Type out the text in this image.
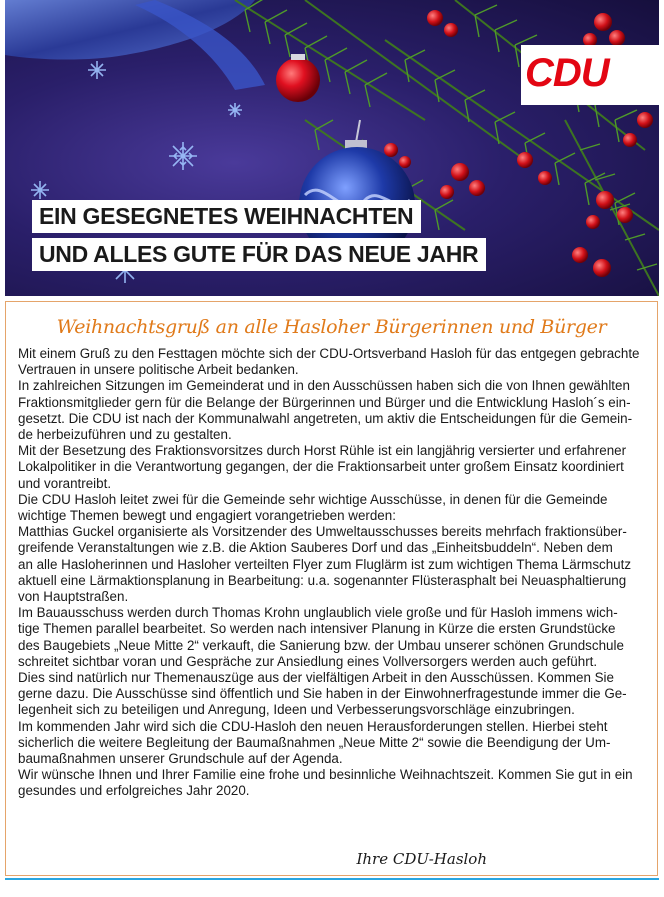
CDU
EIN GESEGNETES WEIHNACHTEN
UND ALLES GUTE FÜR DAS NEUE JAHR
Weihnachtsgruß an alle Hasloher Bürgerinnen und Bürger

Mit einem Gruß zu den Festtagen möchte sich der CDU-Ortsverband Hasloh für das entgegen gebrachte

Vertrauen in unsere politische Arbeit bedanken.

In zahlreichen Sitzungen im Gemeinderat und in den Ausschüssen haben sich die von Ihnen gewählten

Fraktionsmitglieder gern für die Belange der Bürgerinnen und Bürger und die Entwicklung Hasloh´s ein-

gesetzt. Die CDU ist nach der Kommunalwahl angetreten, um aktiv die Entscheidungen für die Gemein-

de herbeizuführen und zu gestalten.

Mit der Besetzung des Fraktionsvorsitzes durch Horst Rühle ist ein langjährig versierter und erfahrener

Lokalpolitiker in die Verantwortung gegangen, der die Fraktionsarbeit unter großem Einsatz koordiniert

und vorantreibt.

Die CDU Hasloh leitet zwei für die Gemeinde sehr wichtige Ausschüsse, in denen für die Gemeinde

wichtige Themen bewegt und engagiert vorangetrieben werden:

Matthias Guckel organisierte als Vorsitzender des Umweltausschusses bereits mehrfach fraktionsüber-

greifende Veranstaltungen wie z.B. die Aktion Sauberes Dorf und das „Einheitsbuddeln“. Neben dem

an alle Hasloherinnen und Hasloher verteilten Flyer zum Fluglärm ist zum wichtigen Thema Lärmschutz

aktuell eine Lärmaktionsplanung in Bearbeitung: u.a. sogenannter Flüsterasphalt bei Neuasphaltierung

von Hauptstraßen.

Im Bauausschuss werden durch Thomas Krohn unglaublich viele große und für Hasloh immens wich-

tige Themen parallel bearbeitet. So werden nach intensiver Planung in Kürze die ersten Grundstücke

des Baugebiets „Neue Mitte 2“ verkauft, die Sanierung bzw. der Umbau unserer schönen Grundschule

schreitet sichtbar voran und Gespräche zur Ansiedlung eines Vollversorgers werden auch geführt.

Dies sind natürlich nur Themenauszüge aus der vielfältigen Arbeit in den Ausschüssen. Kommen Sie

gerne dazu. Die Ausschüsse sind öffentlich und Sie haben in der Einwohnerfragestunde immer die Ge-

legenheit sich zu beteiligen und Anregung, Ideen und Verbesserungsvorschläge einzubringen.

Im kommenden Jahr wird sich die CDU-Hasloh den neuen Herausforderungen stellen. Hierbei steht

sicherlich die weitere Begleitung der Baumaßnahmen „Neue Mitte 2“ sowie die Beendigung der Um-

baumaßnahmen unserer Grundschule auf der Agenda.

Wir wünsche Ihnen und Ihrer Familie eine frohe und besinnliche Weihnachtszeit. Kommen Sie gut in ein

gesundes und erfolgreiches Jahr 2020.

Ihre CDU-Hasloh
